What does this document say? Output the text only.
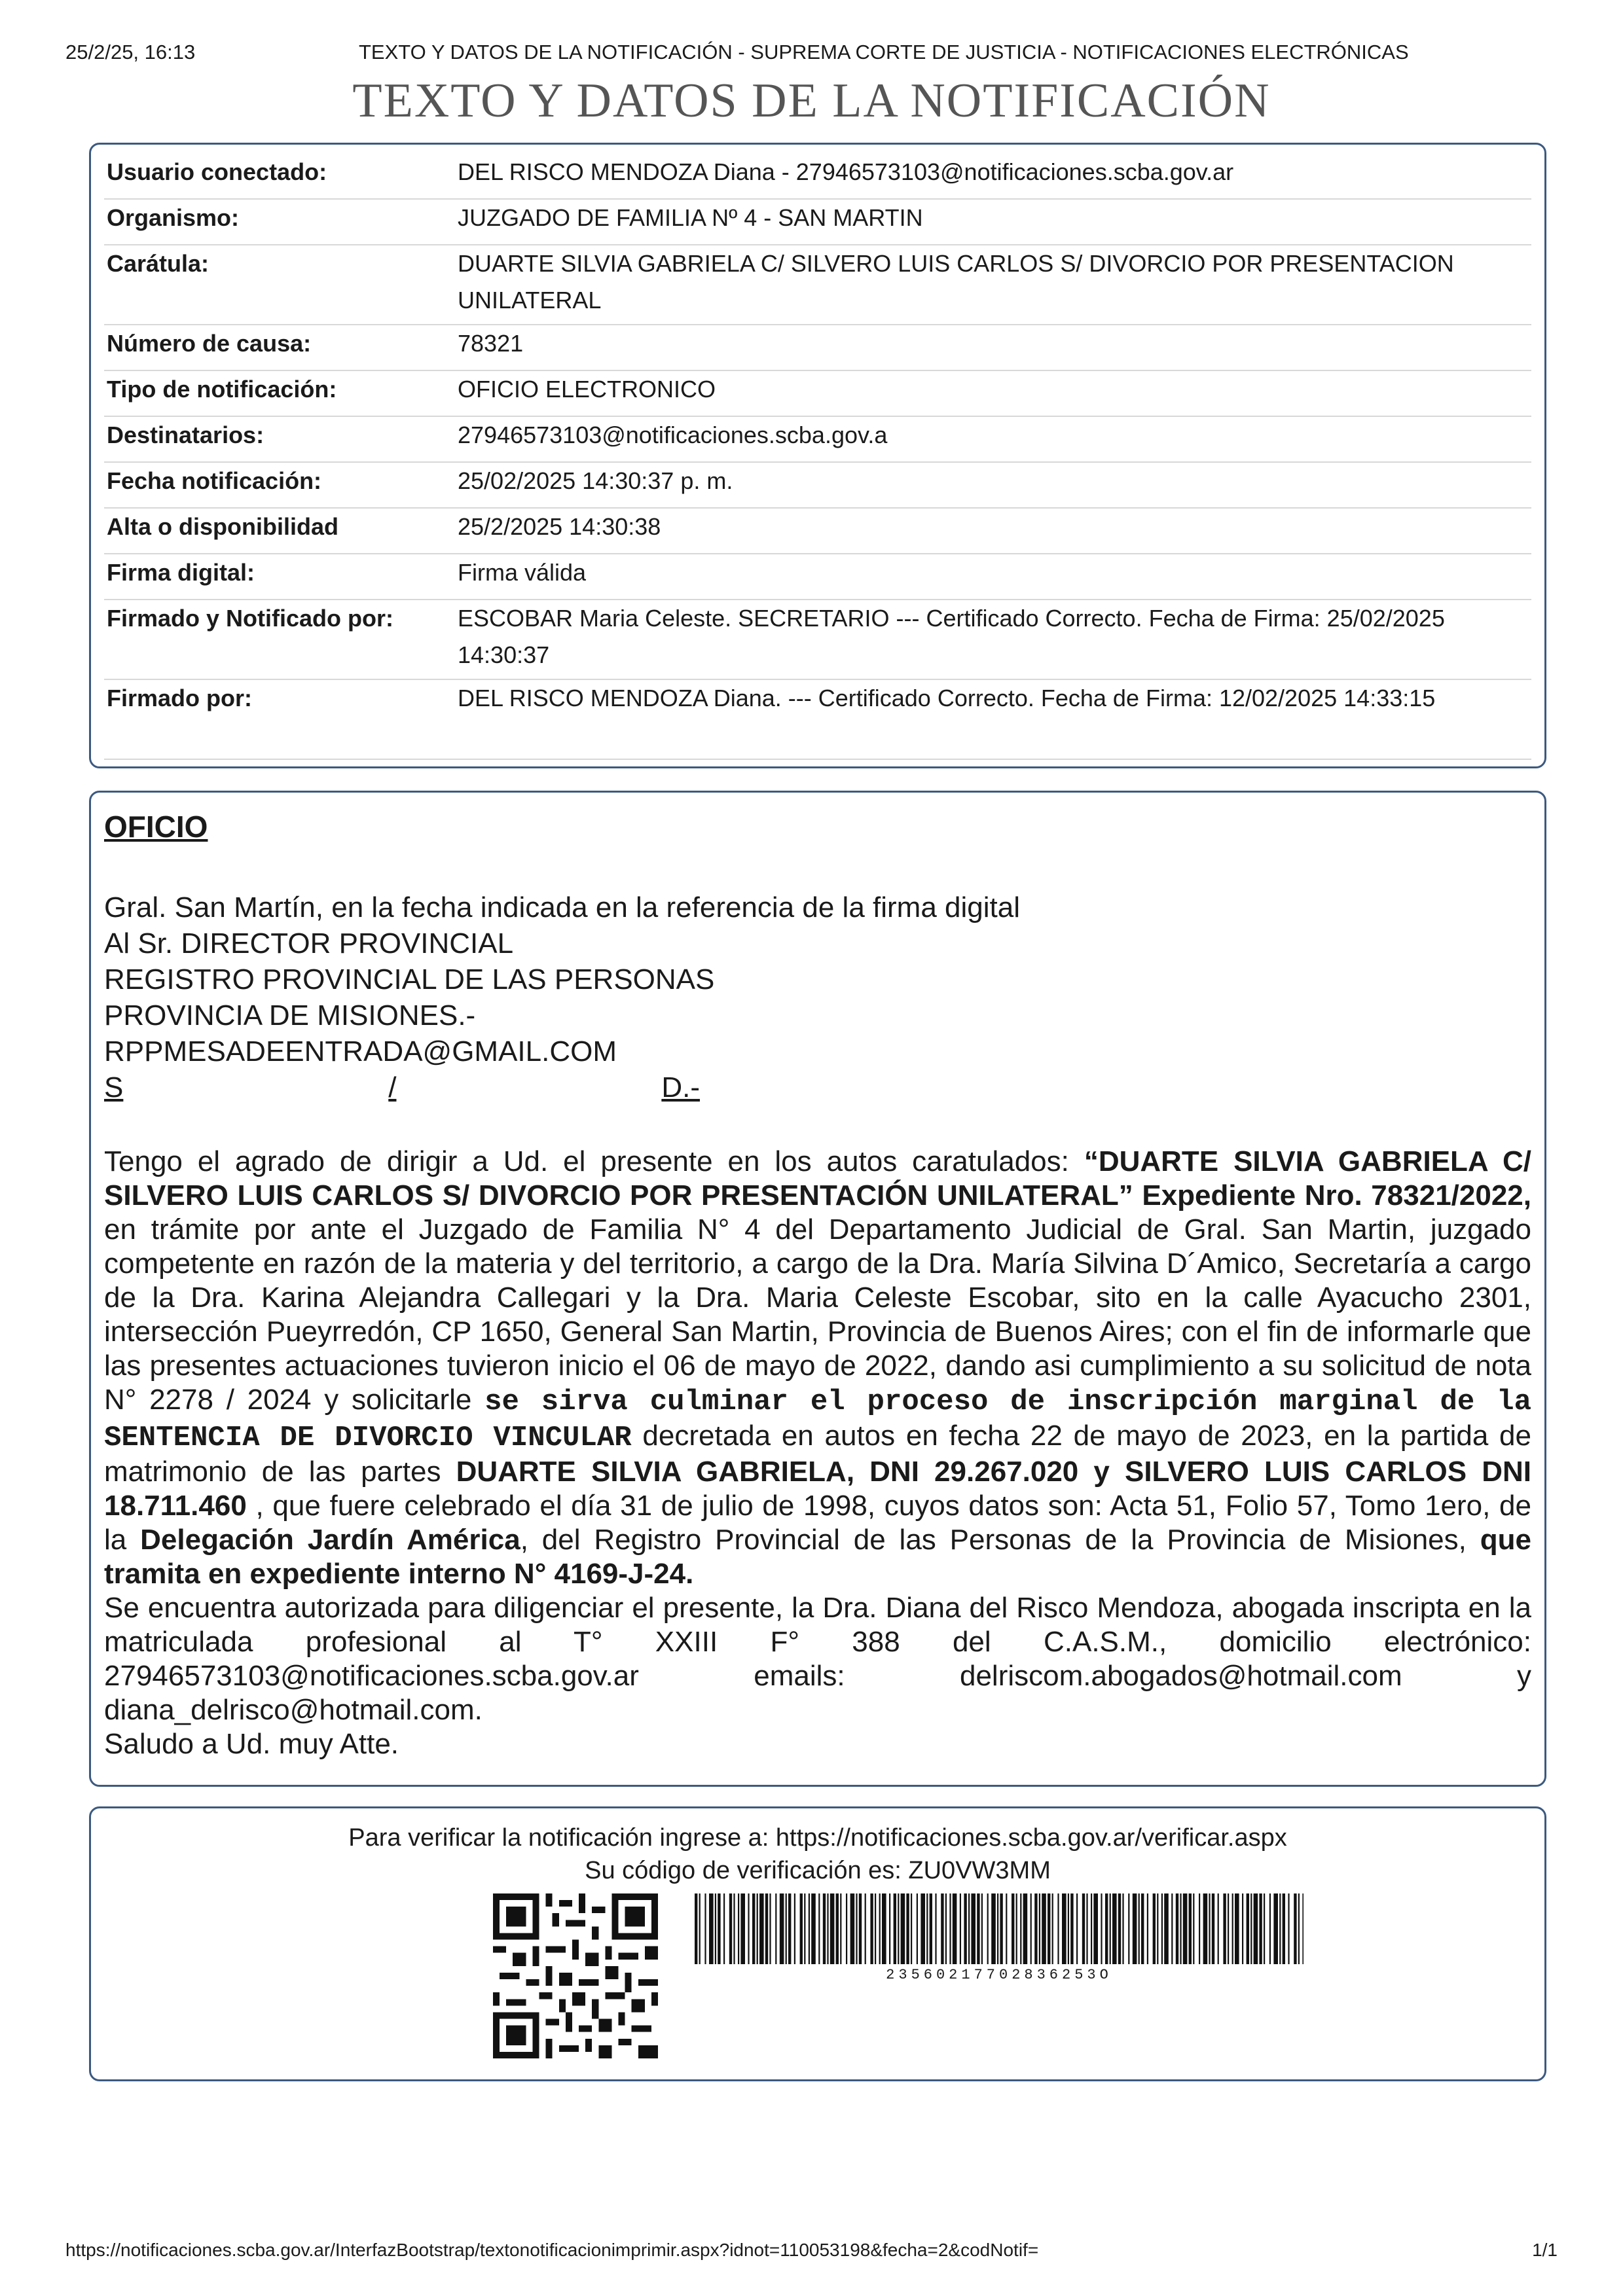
25/2/25, 16:13	TEXTO Y DATOS DE LA NOTIFICACIÓN - SUPREMA CORTE DE JUSTICIA - NOTIFICACIONES ELECTRÓNICAS
TEXTO Y DATOS DE LA NOTIFICACIÓN
Usuario conectado:	DEL RISCO MENDOZA Diana - 27946573103@notificaciones.scba.gov.ar
Organismo:	JUZGADO DE FAMILIA Nº 4 - SAN MARTIN
Carátula:	DUARTE SILVIA GABRIELA C/ SILVERO LUIS CARLOS S/ DIVORCIO POR PRESENTACION UNILATERAL
Número de causa:	78321
Tipo de notificación:	OFICIO ELECTRONICO
Destinatarios:	27946573103@notificaciones.scba.gov.a
Fecha notificación:	25/02/2025 14:30:37 p. m.
Alta o disponibilidad	25/2/2025 14:30:38
Firma digital:	Firma válida
Firmado y Notificado por:	ESCOBAR Maria Celeste. SECRETARIO --- Certificado Correcto. Fecha de Firma: 25/02/2025 14:30:37
Firmado por:	DEL RISCO MENDOZA Diana. --- Certificado Correcto. Fecha de Firma: 12/02/2025 14:33:15
OFICIO
Gral. San Martín, en la fecha indicada en la referencia de la firma digital
Al Sr. DIRECTOR PROVINCIAL
REGISTRO PROVINCIAL DE LAS PERSONAS
PROVINCIA DE MISIONES.-
RPPMESADEENTRADA@GMAIL.COM
S	/	D.-

Tengo el agrado de dirigir a Ud. el presente en los autos caratulados: “DUARTE SILVIA GABRIELA C/ SILVERO LUIS CARLOS S/ DIVORCIO POR PRESENTACIÓN UNILATERAL” Expediente Nro. 78321/2022, en trámite por ante el Juzgado de Familia N° 4 del Departamento Judicial de Gral. San Martin, juzgado competente en razón de la materia y del territorio, a cargo de la Dra. María Silvina D´Amico, Secretaría a cargo de la Dra. Karina Alejandra Callegari y la Dra. Maria Celeste Escobar, sito en la calle Ayacucho 2301, intersección Pueyrredón, CP 1650, General San Martin, Provincia de Buenos Aires; con el fin de informarle que las presentes actuaciones tuvieron inicio el 06 de mayo de 2022, dando asi cumplimiento a su solicitud de nota N° 2278 / 2024 y solicitarle se sirva culminar el proceso de inscripción marginal de la SENTENCIA DE DIVORCIO VINCULAR decretada en autos en fecha 22 de mayo de 2023, en la partida de matrimonio de las partes DUARTE SILVIA GABRIELA, DNI 29.267.020 y SILVERO LUIS CARLOS DNI 18.711.460 , que fuere celebrado el día 31 de julio de 1998, cuyos datos son: Acta 51, Folio 57, Tomo 1ero, de la Delegación Jardín América, del Registro Provincial de las Personas de la Provincia de Misiones, que tramita en expediente interno N° 4169-J-24.

Se encuentra autorizada para diligenciar el presente, la Dra. Diana del Risco Mendoza, abogada inscripta en la matriculada profesional al T° XXIII F° 388 del C.A.S.M., domicilio electrónico: 27946573103@notificaciones.scba.gov.ar emails: delriscom.abogados@hotmail.com y diana_delrisco@hotmail.com.

Saludo a Ud. muy Atte.

Para verificar la notificación ingrese a: https://notificaciones.scba.gov.ar/verificar.aspx
Su código de verificación es: ZU0VW3MM
23560217702836253O
https://notificaciones.scba.gov.ar/InterfazBootstrap/textonotificacionimprimir.aspx?idnot=110053198&fecha=2&codNotif=	1/1
